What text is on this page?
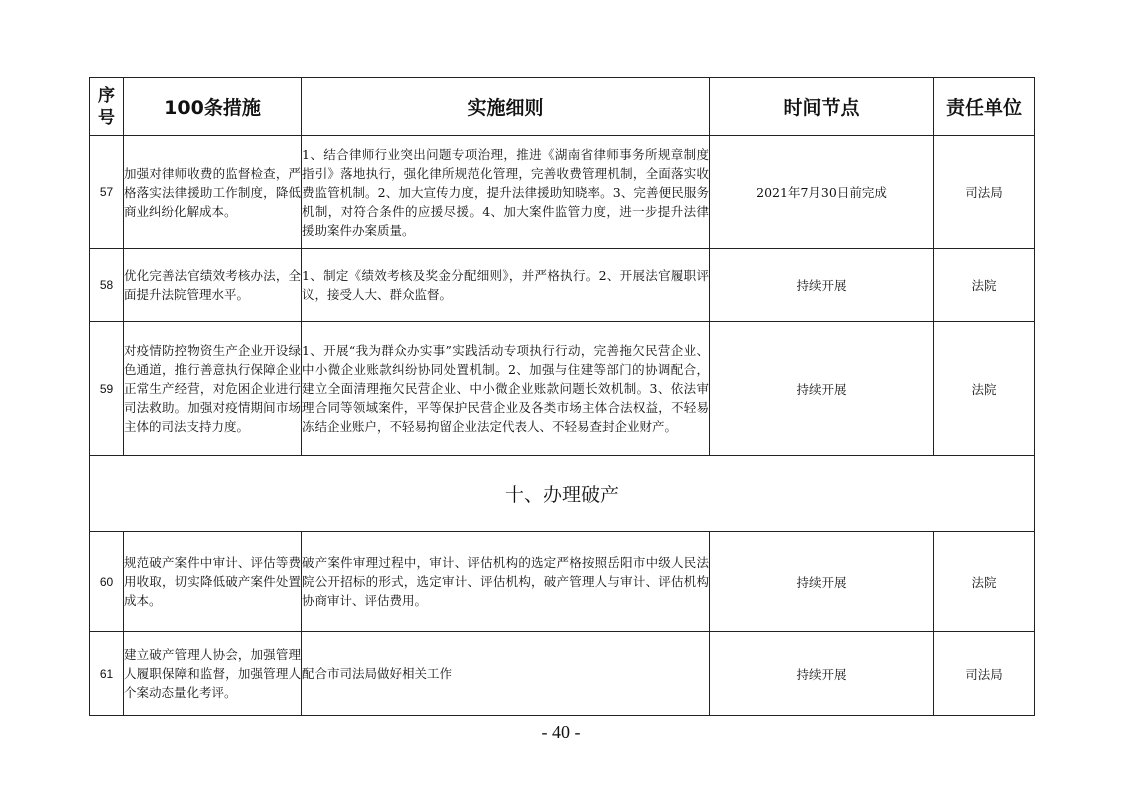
序
号	100条措施	实施细则	时间节点	责任单位
57	加强对律师收费的监督检查，严格落实法律援助工作制度，降低商业纠纷化解成本。	1、结合律师行业突出问题专项治理，推进《湖南省律师事务所规章制度指引》落地执行，强化律所规范化管理，完善收费管理机制，全面落实收费监管机制。2、加大宣传力度，提升法律援助知晓率。3、完善便民服务机制，对符合条件的应援尽援。4、加大案件监管力度，进一步提升法律援助案件办案质量。	2021年7月30日前完成	司法局
58	优化完善法官绩效考核办法，全面提升法院管理水平。	1、制定《绩效考核及奖金分配细则》，并严格执行。2、开展法官履职评议，接受人大、群众监督。	持续开展	法院
59	对疫情防控物资生产企业开设绿色通道，推行善意执行保障企业正常生产经营，对危困企业进行司法救助。加强对疫情期间市场主体的司法支持力度。	1、开展“我为群众办实事”实践活动专项执行行动，完善拖欠民营企业、中小微企业账款纠纷协同处置机制。2、加强与住建等部门的协调配合，建立全面清理拖欠民营企业、中小微企业账款问题长效机制。3、依法审理合同等领域案件，平等保护民营企业及各类市场主体合法权益，不轻易冻结企业账户，不轻易拘留企业法定代表人、不轻易查封企业财产。	持续开展	法院
十、办理破产				
60	规范破产案件中审计、评估等费用收取，切实降低破产案件处置成本。	破产案件审理过程中，审计、评估机构的选定严格按照岳阳市中级人民法院公开招标的形式，选定审计、评估机构，破产管理人与审计、评估机构协商审计、评估费用。	持续开展	法院
61	建立破产管理人协会，加强管理人履职保障和监督，加强管理人个案动态量化考评。	配合市司法局做好相关工作	持续开展	司法局
- 40 -
